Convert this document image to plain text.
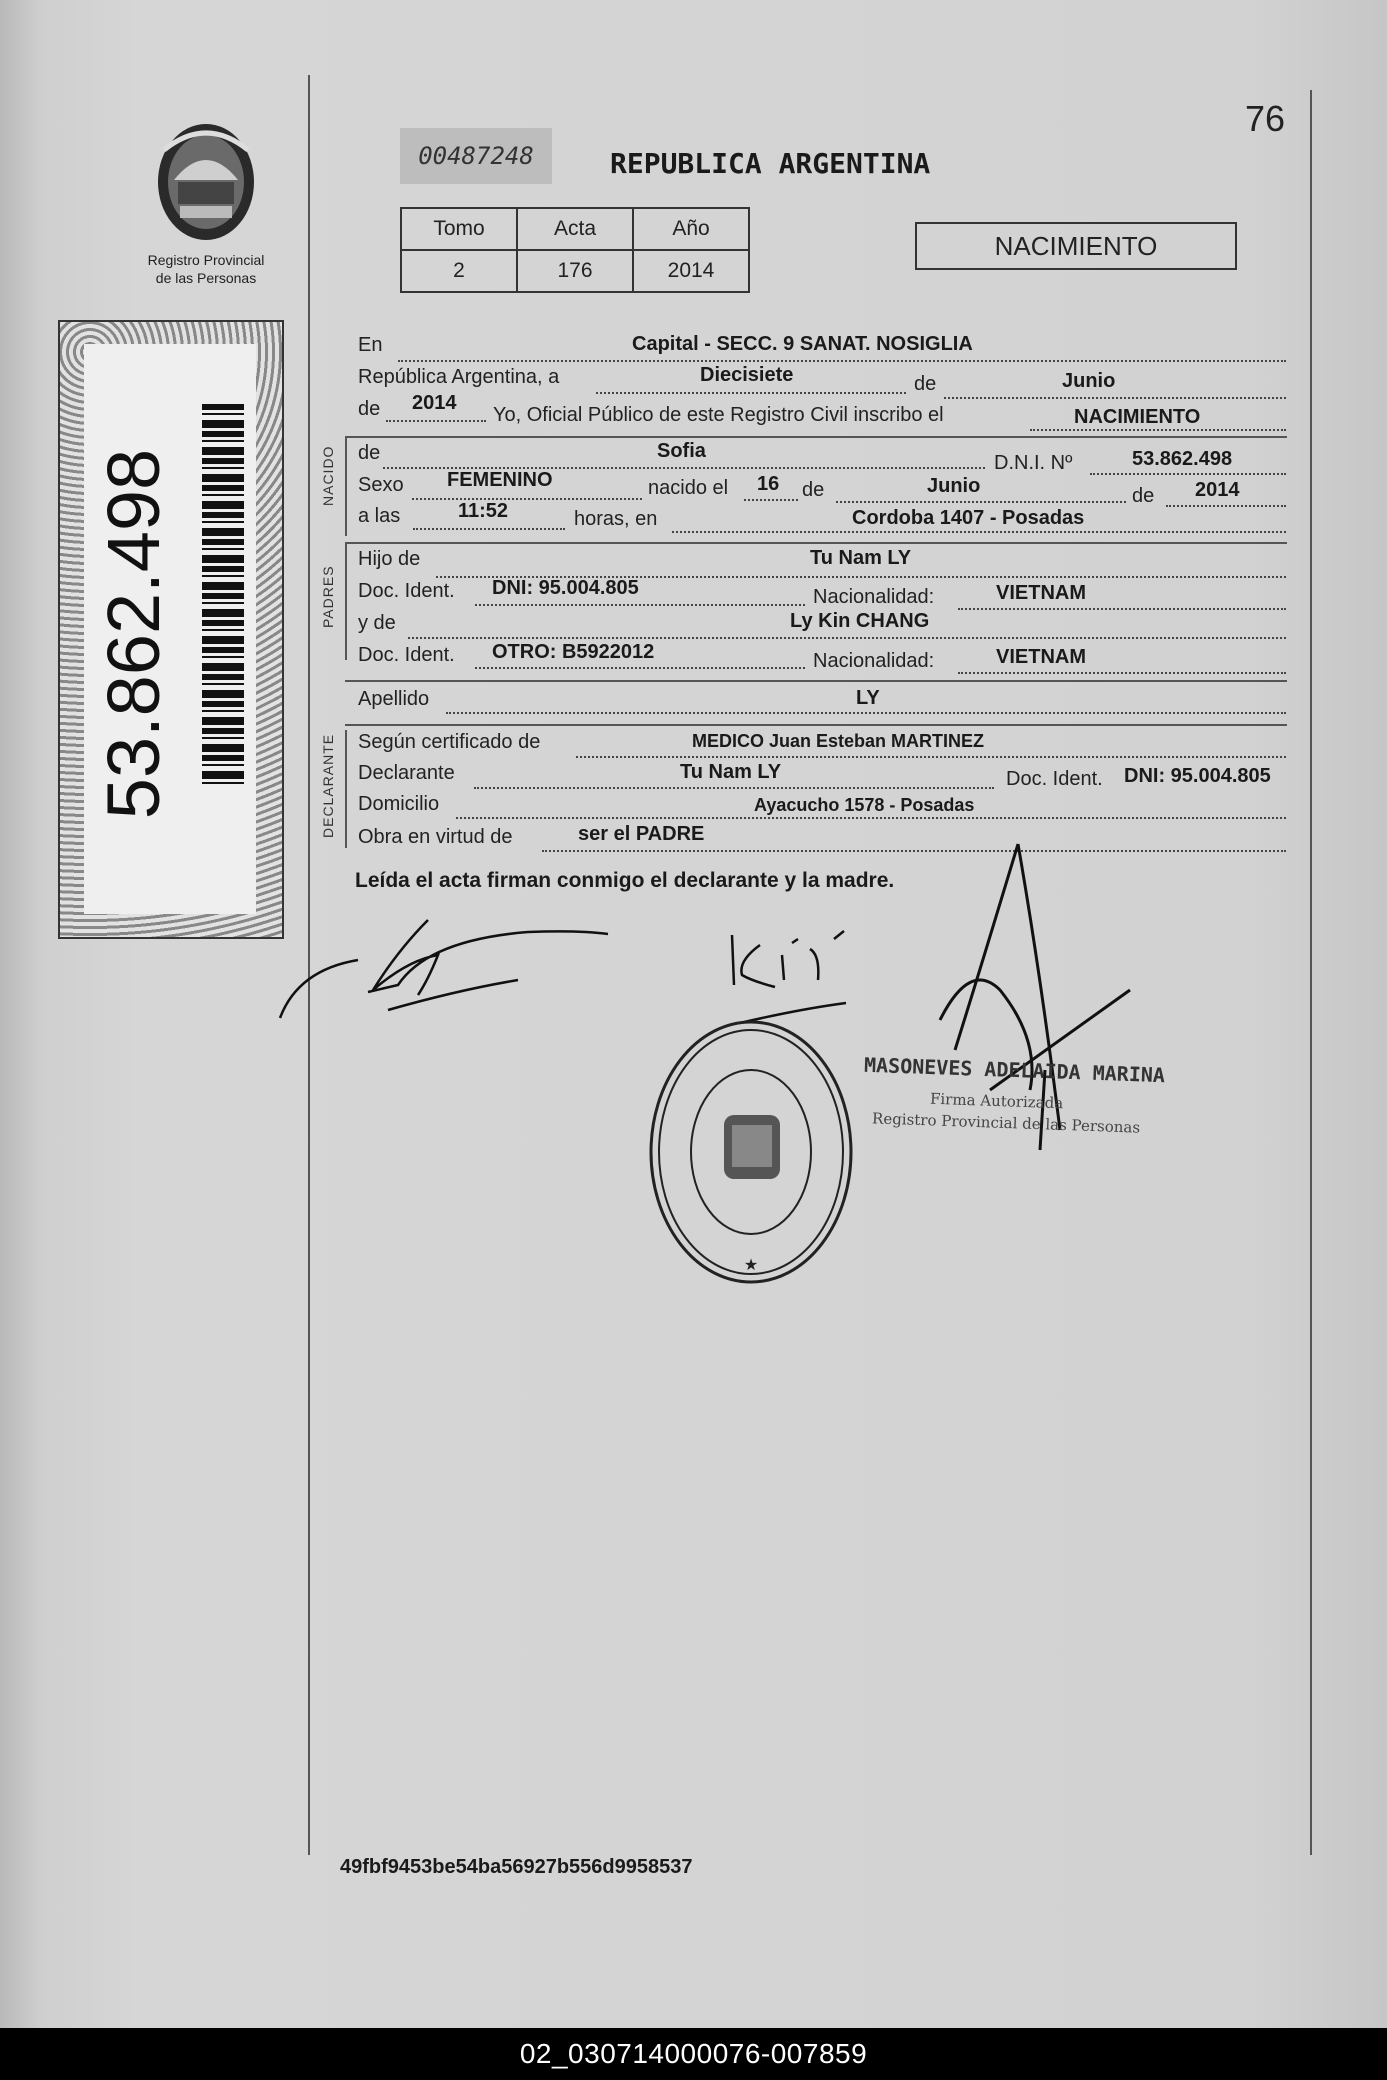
Registro Provincial
de las Personas
53.862.498
76
00487248	REPUBLICA ARGENTINA
Tomo	Acta	Año
2	176	2014
NACIMIENTO
En	Capital - SECC. 9 SANAT. NOSIGLIA
República Argentina, a	Diecisiete	de	Junio
de 2014
Yo, Oficial Público de este Registro Civil inscribo el	NACIMIENTO
NACIDO de	Sofia
D.N.I. Nº	53.862.498
Sexo FEMENINO	nacido el 16 de	Junio	de 2014
a las	11:52	horas, en	Cordoba 1407 - Posadas
PADRES
Hijo de	Tu Nam LY
Doc. Ident. DNI: 95.004.805	Nacionalidad:	VIETNAM
y de	Ly Kin CHANG
Doc. Ident. OTRO: B5922012	Nacionalidad:	VIETNAM
Apellido	LY
DECLARANTE Según certificado de	MEDICO Juan Esteban MARTINEZ
Declarante	Tu Nam LY	Doc. Ident. DNI: 95.004.805
Domicilio	Ayacucho 1578 - Posadas
Obra en virtud de	ser el PADRE
Leída el acta firman conmigo el declarante y la madre.
★
MASONEVES ADELAIDA MARINA
Firma Autorizada
Registro Provincial de las Personas
49fbf9453be54ba56927b556d9958537
02_030714000076-007859
